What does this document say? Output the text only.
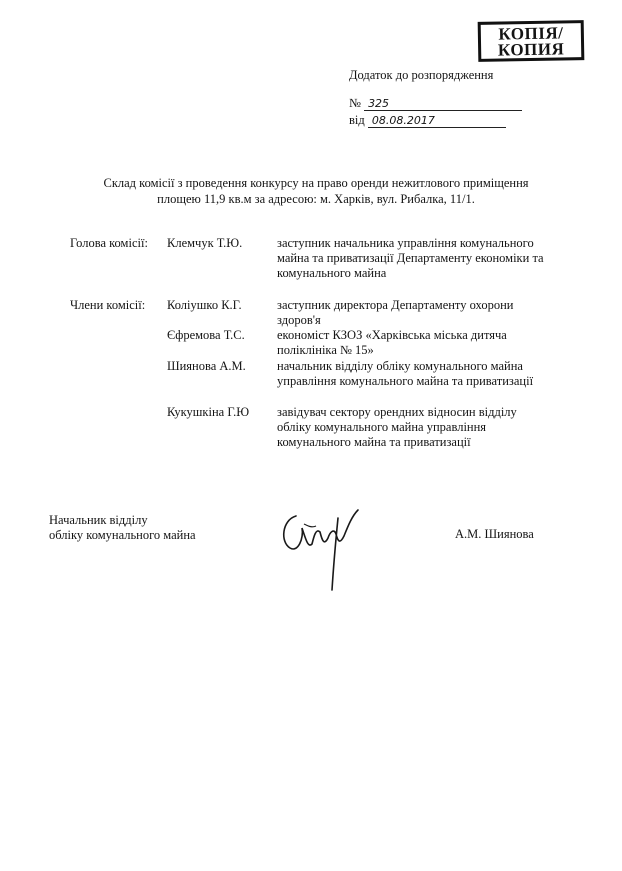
КОПІЯ/
КОПИЯ
Додаток до розпорядження
№ 325
від 08.08.2017
Склад комісії з проведення конкурсу на право оренди нежитлового приміщення
площею 11,9 кв.м за адресою: м. Харків, вул. Рибалка, 11/1.
Голова комісії:	Клемчук Т.Ю.	заступник начальника управління комунального майна та приватизації Департаменту економіки та комунального майна
Члени комісії:	Коліушко К.Г.	заступник директора Департаменту охорони здоров'я
Єфремова Т.С.	економіст КЗОЗ «Харківська міська дитяча поліклініка № 15»
Шиянова А.М.	начальник відділу обліку комунального майна управління комунального майна та приватизації
Кукушкіна Г.Ю	завідувач сектору орендних відносин відділу обліку комунального майна управління комунального майна та приватизації
Начальник відділу
обліку комунального майна	А.М. Шиянова
